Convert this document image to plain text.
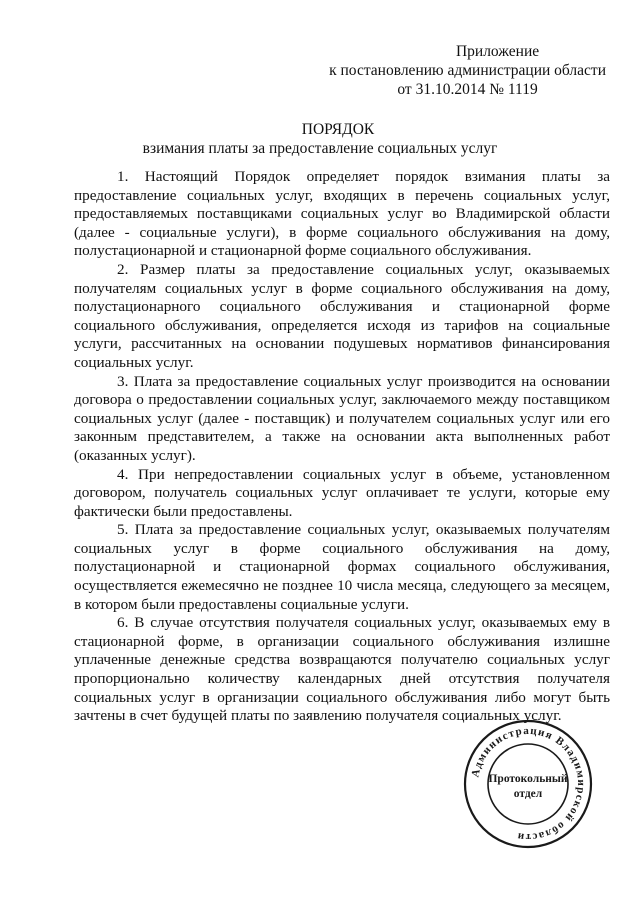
Приложение
к постановлению администрации области
от 31.10.2014 № 1119
ПОРЯДОК
взимания платы за предоставление социальных услуг

1. Настоящий Порядок определяет порядок взимания платы за предоставление социальных услуг, входящих в перечень социальных услуг, предоставляемых поставщиками социальных услуг во Владимирской области (далее - социальные услуги), в форме социального обслуживания на дому, полустационарной и стационарной форме социального обслуживания.

2. Размер платы за предоставление социальных услуг, оказываемых получателям социальных услуг в форме социального обслуживания на дому, полустационарного социального обслуживания и стационарной форме социального обслуживания, определяется исходя из тарифов на социальные услуги, рассчитанных на основании подушевых нормативов финансирования социальных услуг.

3. Плата за предоставление социальных услуг производится на основании договора о предоставлении социальных услуг, заключаемого между поставщиком социальных услуг (далее - поставщик) и получателем социальных услуг или его законным представителем, а также на основании акта выполненных работ (оказанных услуг).

4. При непредоставлении социальных услуг в объеме, установленном договором, получатель социальных услуг оплачивает те услуги, которые ему фактически были предоставлены.

5. Плата за предоставление социальных услуг, оказываемых получателям социальных услуг в форме социального обслуживания на дому, полустационарной и стационарной формах социального обслуживания, осуществляется ежемесячно не позднее 10 числа месяца, следующего за месяцем, в котором были предоставлены социальные услуги.

6. В случае отсутствия получателя социальных услуг, оказываемых ему в стационарной форме, в организации социального обслуживания излишне уплаченные денежные средства возвращаются получателю социальных услуг пропорционально количеству календарных дней отсутствия получателя социальных услуг в организации социального обслуживания либо могут быть зачтены в счет будущей платы по заявлению получателя социальных услуг.

Администрация Владимирской области
Протокольный
отдел
